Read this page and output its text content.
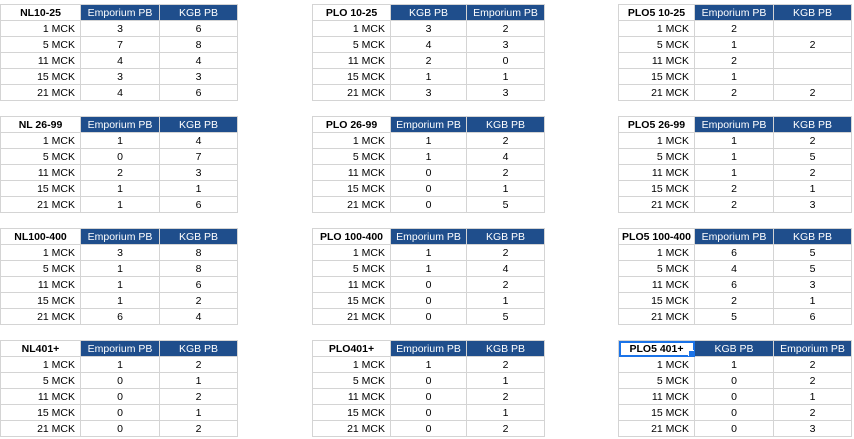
NL10-25	Emporium PB	KGB PB
1 MCK	3	6
5 MCK	7	8
11 MCK	4	4
15 MCK	3	3
21 MCK	4	6

NL 26-99	Emporium PB	KGB PB
1 MCK	1	4
5 MCK	0	7
11 MCK	2	3
15 MCK	1	1
21 MCK	1	6

NL100-400	Emporium PB	KGB PB
1 MCK	3	8
5 MCK	1	8
11 MCK	1	6
15 MCK	1	2
21 MCK	6	4

NL401+	Emporium PB	KGB PB
1 MCK	1	2
5 MCK	0	1
11 MCK	0	2
15 MCK	0	1
21 MCK	0	2
PLO 10-25	KGB PB	Emporium PB
1 MCK	3	2
5 MCK	4	3
11 MCK	2	0
15 MCK	1	1
21 MCK	3	3

PLO 26-99	Emporium PB	KGB PB
1 MCK	1	2
5 MCK	1	4
11 MCK	0	2
15 MCK	0	1
21 MCK	0	5

PLO 100-400	Emporium PB	KGB PB
1 MCK	1	2
5 MCK	1	4
11 MCK	0	2
15 MCK	0	1
21 MCK	0	5

PLO401+	Emporium PB	KGB PB
1 MCK	1	2
5 MCK	0	1
11 MCK	0	2
15 MCK	0	1
21 MCK	0	2
PLO5 10-25	Emporium PB	KGB PB
1 MCK	2	
5 MCK	1	2
11 MCK	2	
15 MCK	1	
21 MCK	2	2

PLO5 26-99	Emporium PB	KGB PB
1 MCK	1	2
5 MCK	1	5
11 MCK	1	2
15 MCK	2	1
21 MCK	2	3

PLO5 100-400	Emporium PB	KGB PB
1 MCK	6	5
5 MCK	4	5
11 MCK	6	3
15 MCK	2	1
21 MCK	5	6

PLO5 401+	KGB PB	Emporium PB
1 MCK	1	2
5 MCK	0	2
11 MCK	0	1
15 MCK	0	2
21 MCK	0	3
